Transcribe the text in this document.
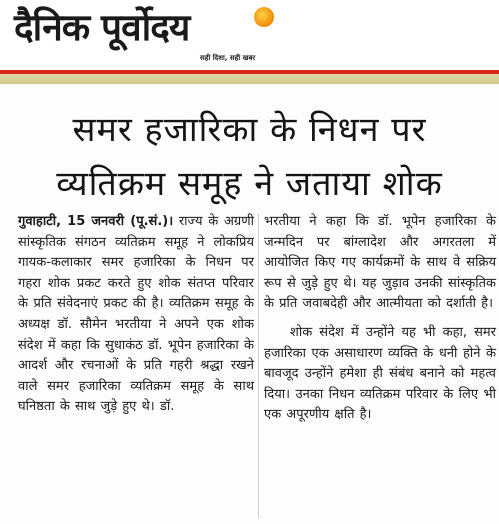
दैनिक पूर्वोदय
सही दिशा, सही खबर
समर हजारिका के निधन पर
व्यतिक्रम समूह ने जताया शोक

गुवाहाटी, 15 जनवरी (पू.सं.)। राज्य के अग्रणी सांस्कृतिक संगठन व्यतिक्रम समूह ने लोकप्रिय गायक-कलाकार समर हजारिका के निधन पर गहरा शोक प्रकट करते हुए शोक संतप्त परिवार के प्रति संवेदनाएं प्रकट की है। व्यतिक्रम समूह के अध्यक्ष डॉ. सौमेन भरतीया ने अपने एक शोक संदेश में कहा कि सुधाकंठ डॉ. भूपेन हजारिका के आदर्श और रचनाओं के प्रति गहरी श्रद्धा रखने वाले समर हजारिका व्यतिक्रम समूह के साथ घनिष्ठता के साथ जुड़े हुए थे। डॉ.

भरतीया ने कहा कि डॉ. भूपेन हजारिका के जन्मदिन पर बांग्लादेश और अगरतला में आयोजित किए गए कार्यक्रमों के साथ वे सक्रिय रूप से जुड़े हुए थे। यह जुड़ाव उनकी सांस्कृतिक के प्रति जवाबदेही और आत्मीयता को दर्शाती है।

शोक संदेश में उन्होंने यह भी कहा, समर हजारिका एक असाधारण व्यक्ति के धनी होने के बावजूद उन्होंने हमेशा ही संबंध बनाने को महत्व दिया। उनका निधन व्यतिक्रम परिवार के लिए भी एक अपूरणीय क्षति है।
